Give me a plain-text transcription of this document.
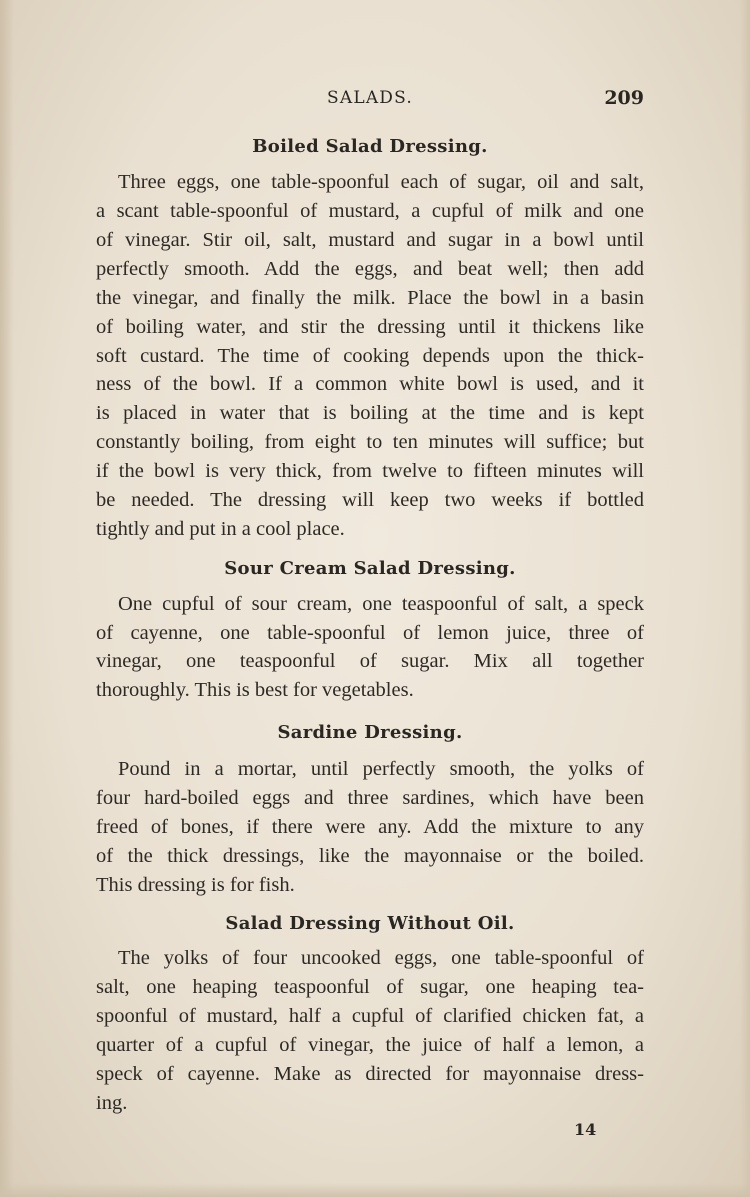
SALADS.	209
Boiled Salad Dressing.
Three eggs, one table-spoonful each of sugar, oil and salt,
a scant table-spoonful of mustard, a cupful of milk and one
of vinegar. Stir oil, salt, mustard and sugar in a bowl until
perfectly smooth. Add the eggs, and beat well; then add
the vinegar, and finally the milk. Place the bowl in a basin
of boiling water, and stir the dressing until it thickens like
soft custard. The time of cooking depends upon the thick-
ness of the bowl. If a common white bowl is used, and it
is placed in water that is boiling at the time and is kept
constantly boiling, from eight to ten minutes will suffice; but
if the bowl is very thick, from twelve to fifteen minutes will
be needed. The dressing will keep two weeks if bottled
tightly and put in a cool place.
Sour Cream Salad Dressing.
One cupful of sour cream, one teaspoonful of salt, a speck
of cayenne, one table-spoonful of lemon juice, three of
vinegar, one teaspoonful of sugar. Mix all together
thoroughly. This is best for vegetables.
Sardine Dressing.
Pound in a mortar, until perfectly smooth, the yolks of
four hard-boiled eggs and three sardines, which have been
freed of bones, if there were any. Add the mixture to any
of the thick dressings, like the mayonnaise or the boiled.
This dressing is for fish.
Salad Dressing Without Oil.
The yolks of four uncooked eggs, one table-spoonful of
salt, one heaping teaspoonful of sugar, one heaping tea-
spoonful of mustard, half a cupful of clarified chicken fat, a
quarter of a cupful of vinegar, the juice of half a lemon, a
speck of cayenne. Make as directed for mayonnaise dress-
ing.
14
